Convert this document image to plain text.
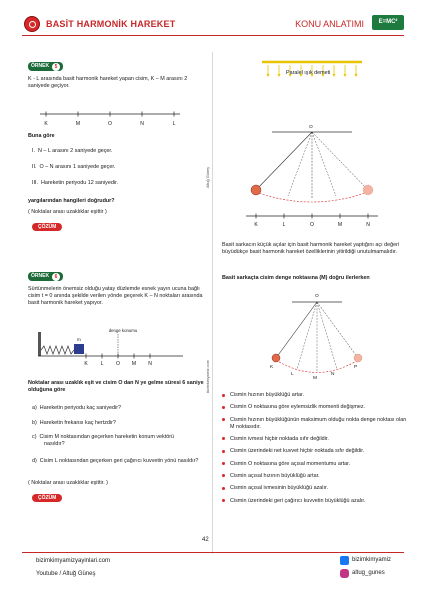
BASİT HARMONİK HAREKET	KONU ANLATIMI	E=MC²
Altuğ Güneş
bizimkimyamiz.com
ÖRNEK 5
K - L arasında basit harmonik hareket yapan cisim, K – M arasını 2 saniyede geçiyor.
K	M	O	N	L
Buna göre
I. N – L arasını 2 saniyede geçer.
II. O – N arasını 1 saniyede geçer.
III. Hareketin periyodu 12 saniyedir.
yargılarından hangileri doğrudur?
( Noktalar arası uzaklıklar eşittir )
ÇÖZÜM
ÖRNEK 6
Sürtünmelerin önemsiz olduğu yatay düzlemde esnek yayın ucuna bağlı cisim t = 0 anında şekilde verilen yönde geçerek K – N noktaları arasında basit harmonik hareket yapıyor.
K	L	O M N
denge konumu
m
Noktalar arası uzaklık eşit ve cisim O dan N ye gelme süresi 6 saniye olduğuna göre
a) Hareketin periyodu kaç saniyedir?
b) Hareketin frekansı kaç hertzdir?
c) Cisim M noktasından geçerken hareketin konum vektörü nasıldır?
d) Cisim L noktasından geçerken geri çağırıcı kuvvetin yönü nasıldır?
( Noktalar arası uzaklıklar eşittir. )
ÇÖZÜM
K	L	O	M	N
Paralel ışık demeti
O
Basit sarkacın küçük açılar için basit harmonik hareket yaptığını açı değeri büyüdükçe basit harmonik hareket özelliklerinin yitirildiği unutulmamalıdır.
Basit sarkaçta cisim denge noktasına (M) doğru ilerlerken
O
K
L
M
N
P
Cismin hızının büyüklüğü artar.
Cismin O noktasına göre eylemsizlik momenti değişmez.
Cismin hızının büyüklüğünün maksimum olduğu nokta denge noktası olan M noktasıdır.
Cismin ivmesi hiçbir noktada sıfır değildir.
Cismin üzerindeki net kuvvet hiçbir noktada sıfır değildir.
Cismin O noktasına göre açısal momentumu artar.
Cismin açısal hızının büyüklüğü artar.
Cismin açısal ivmesinin büyüklüğü azalır.
Cismin üzerindeki geri çağırıcı kuvvetin büyüklüğü azalır.
42
bizimkimyamizyayinlari.com
Youtube / Altuğ Güneş
bizimkimyamiz
altug_gunes
